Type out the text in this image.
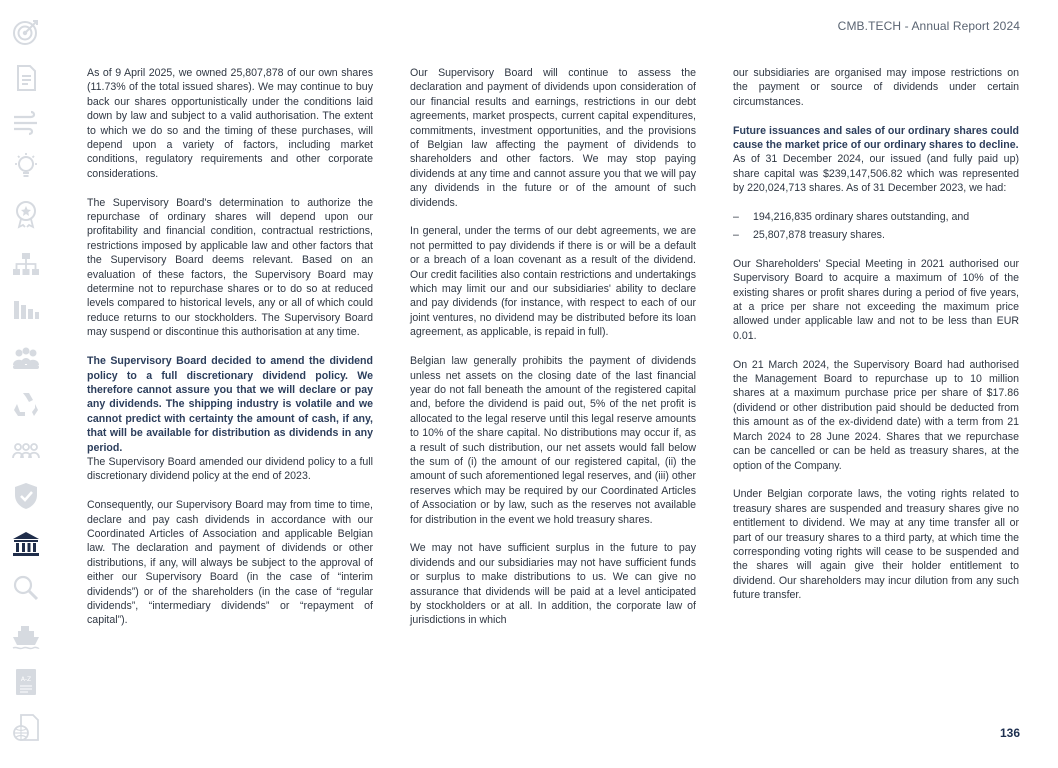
A-Z
CMB.TECH - Annual Report 2024

As of 9 April 2025, we owned 25,807,878 of our own shares (11.73% of the total issued shares). We may continue to buy back our shares opportunistically under the conditions laid down by law and subject to a valid authorisation. The extent to which we do so and the timing of these purchases, will depend upon a variety of factors, including market conditions, regulatory requirements and other corporate considerations.

The Supervisory Board's determination to authorize the repurchase of ordinary shares will depend upon our profitability and financial condition, contractual restrictions, restrictions imposed by applicable law and other factors that the Supervisory Board deems relevant. Based on an evaluation of these factors, the Supervisory Board may determine not to repurchase shares or to do so at reduced levels compared to historical levels, any or all of which could reduce returns to our stockholders. The Supervisory Board may suspend or discontinue this authorisation at any time.

The Supervisory Board decided to amend the dividend policy to a full discretionary dividend policy. We therefore cannot assure you that we will declare or pay any dividends. The shipping industry is volatile and we cannot predict with certainty the amount of cash, if any, that will be available for distribution as dividends in any period.

The Supervisory Board amended our dividend policy to a full discretionary dividend policy at the end of 2023.

Consequently, our Supervisory Board may from time to time, declare and pay cash dividends in accordance with our Coordinated Articles of Association and applicable Belgian law. The declaration and payment of dividends or other distributions, if any, will always be subject to the approval of either our Supervisory Board (in the case of “interim dividends”) or of the shareholders (in the case of “regular dividends”, “intermediary dividends” or “repayment of capital”).

Our Supervisory Board will continue to assess the declaration and payment of dividends upon consideration of our financial results and earnings, restrictions in our debt agreements, market prospects, current capital expenditures, commitments, investment opportunities, and the provisions of Belgian law affecting the payment of dividends to shareholders and other factors. We may stop paying dividends at any time and cannot assure you that we will pay any dividends in the future or of the amount of such dividends.

In general, under the terms of our debt agreements, we are not permitted to pay dividends if there is or will be a default or a breach of a loan covenant as a result of the dividend. Our credit facilities also contain restrictions and undertakings which may limit our and our subsidiaries' ability to declare and pay dividends (for instance, with respect to each of our joint ventures, no dividend may be distributed before its loan agreement, as applicable, is repaid in full).

Belgian law generally prohibits the payment of dividends unless net assets on the closing date of the last financial year do not fall beneath the amount of the registered capital and, before the dividend is paid out, 5% of the net profit is allocated to the legal reserve until this legal reserve amounts to 10% of the share capital. No distributions may occur if, as a result of such distribution, our net assets would fall below the sum of (i) the amount of our registered capital, (ii) the amount of such aforementioned legal reserves, and (iii) other reserves which may be required by our Coordinated Articles of Association or by law, such as the reserves not available for distribution in the event we hold treasury shares.

We may not have sufficient surplus in the future to pay dividends and our subsidiaries may not have sufficient funds or surplus to make distributions to us. We can give no assurance that dividends will be paid at a level anticipated by stockholders or at all. In addition, the corporate law of jurisdictions in which

our subsidiaries are organised may impose restrictions on the payment or source of dividends under certain circumstances.

Future issuances and sales of our ordinary shares could cause the market price of our ordinary shares to decline.

As of 31 December 2024, our issued (and fully paid up) share capital was $239,147,506.82 which was represented by 220,024,713 shares. As of 31 December 2023, we had:

– 194,216,835 ordinary shares outstanding, and
– 25,807,878 treasury shares.

Our Shareholders' Special Meeting in 2021 authorised our Supervisory Board to acquire a maximum of 10% of the existing shares or profit shares during a period of five years, at a price per share not exceeding the maximum price allowed under applicable law and not to be less than EUR 0.01.

On 21 March 2024, the Supervisory Board had authorised the Management Board to repurchase up to 10 million shares at a maximum purchase price per share of $17.86 (dividend or other distribution paid should be deducted from this amount as of the ex-dividend date) with a term from 21 March 2024 to 28 June 2024. Shares that we repurchase can be cancelled or can be held as treasury shares, at the option of the Company.

Under Belgian corporate laws, the voting rights related to treasury shares are suspended and treasury shares give no entitlement to dividend. We may at any time transfer all or part of our treasury shares to a third party, at which time the corresponding voting rights will cease to be suspended and the shares will again give their holder entitlement to dividend. Our shareholders may incur dilution from any such future transfer.

136
